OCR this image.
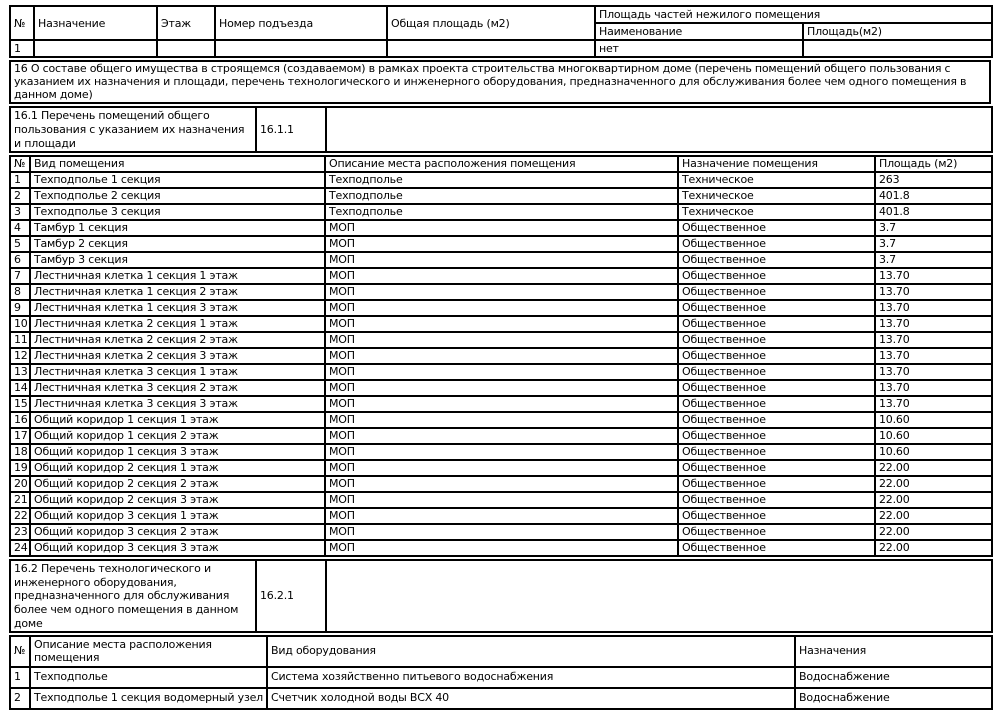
№	Назначение	Этаж	Номер подъезда	Общая площадь (м2)	Площадь частей нежилого помещения	
					Наименование	Площадь(м2)
1					нет	
16 О составе общего имущества в строящемся (создаваемом) в рамках проекта строительства многоквартирном доме (перечень помещений общего пользования с указанием их назначения и площади, перечень технологического и инженерного оборудования, предназначенного для обслуживания более чем одного помещения в данном доме)
16.1 Перечень помещений общего пользования с указанием их назначения и площади	16.1.1	
№	Вид помещения	Описание места расположения помещения	Назначение помещения	Площадь (м2)
1	Техподполье 1 секция	Техподполье	Техническое	263
2	Техподполье 2 секция	Техподполье	Техническое	401.8
3	Техподполье 3 секция	Техподполье	Техническое	401.8
4	Тамбур 1 секция	МОП	Общественное	3.7
5	Тамбур 2 секция	МОП	Общественное	3.7
6	Тамбур 3 секция	МОП	Общественное	3.7
7	Лестничная клетка 1 секция 1 этаж	МОП	Общественное	13.70
8	Лестничная клетка 1 секция 2 этаж	МОП	Общественное	13.70
9	Лестничная клетка 1 секция 3 этаж	МОП	Общественное	13.70
10	Лестничная клетка 2 секция 1 этаж	МОП	Общественное	13.70
11	Лестничная клетка 2 секция 2 этаж	МОП	Общественное	13.70
12	Лестничная клетка 2 секция 3 этаж	МОП	Общественное	13.70
13	Лестничная клетка 3 секция 1 этаж	МОП	Общественное	13.70
14	Лестничная клетка 3 секция 2 этаж	МОП	Общественное	13.70
15	Лестничная клетка 3 секция 3 этаж	МОП	Общественное	13.70
16	Общий коридор 1 секция 1 этаж	МОП	Общественное	10.60
17	Общий коридор 1 секция 2 этаж	МОП	Общественное	10.60
18	Общий коридор 1 секция 3 этаж	МОП	Общественное	10.60
19	Общий коридор 2 секция 1 этаж	МОП	Общественное	22.00
20	Общий коридор 2 секция 2 этаж	МОП	Общественное	22.00
21	Общий коридор 2 секция 3 этаж	МОП	Общественное	22.00
22	Общий коридор 3 секция 1 этаж	МОП	Общественное	22.00
23	Общий коридор 3 секция 2 этаж	МОП	Общественное	22.00
24	Общий коридор 3 секция 3 этаж	МОП	Общественное	22.00
16.2 Перечень технологического и инженерного оборудования, предназначенного для обслуживания более чем одного помещения в данном доме	16.2.1	
№	Описание места расположения помещения	Вид оборудования	Назначения
1	Техподполье	Система хозяйственно питьевого водоснабжения	Водоснабжение
2	Техподполье 1 секция водомерный узел	Счетчик холодной воды ВСХ 40	Водоснабжение
